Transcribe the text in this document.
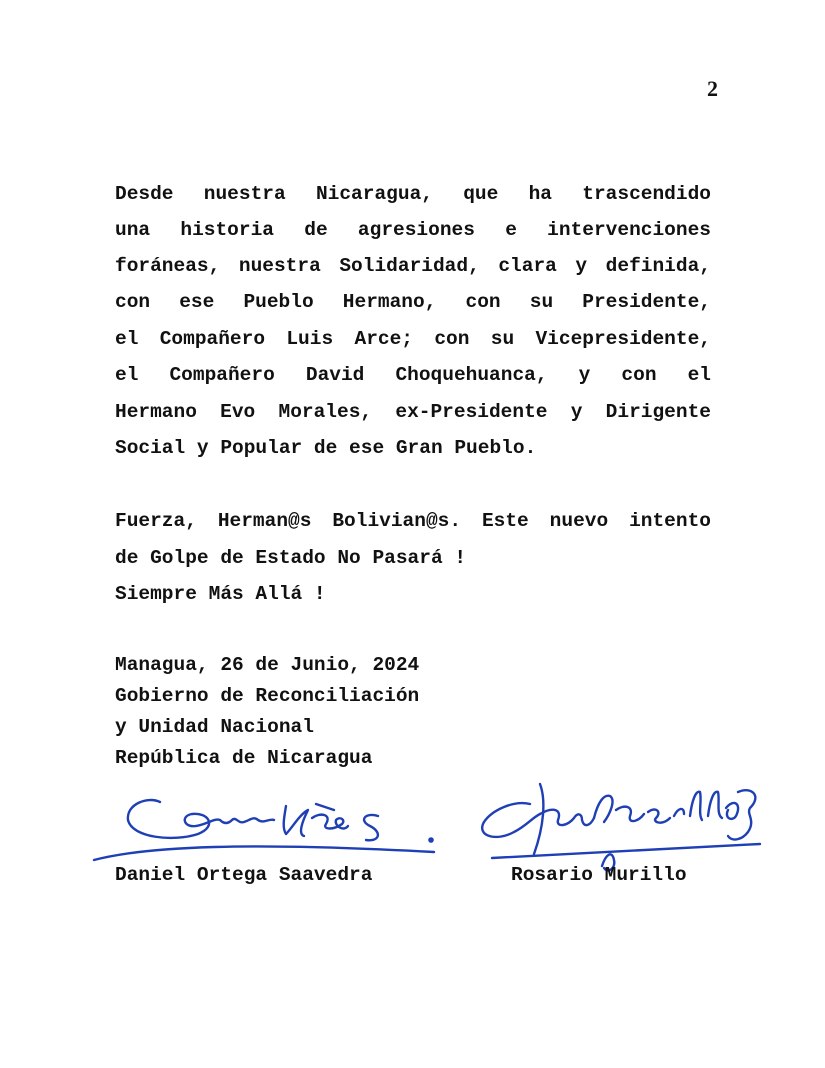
2
Desde nuestra Nicaragua, que ha trascendido
una historia de agresiones e intervenciones
foráneas, nuestra Solidaridad, clara y definida,
con ese Pueblo Hermano, con su Presidente,
el Compañero Luis Arce; con su Vicepresidente,
el Compañero David Choquehuanca, y con el
Hermano Evo Morales, ex-Presidente y Dirigente
Social y Popular de ese Gran Pueblo.
Fuerza, Herman@s Bolivian@s. Este nuevo intento
de Golpe de Estado No Pasará !
Siempre Más Allá !
Managua, 26 de Junio, 2024
Gobierno de Reconciliación
y Unidad Nacional
República de Nicaragua
Daniel Ortega Saavedra	Rosario Murillo
